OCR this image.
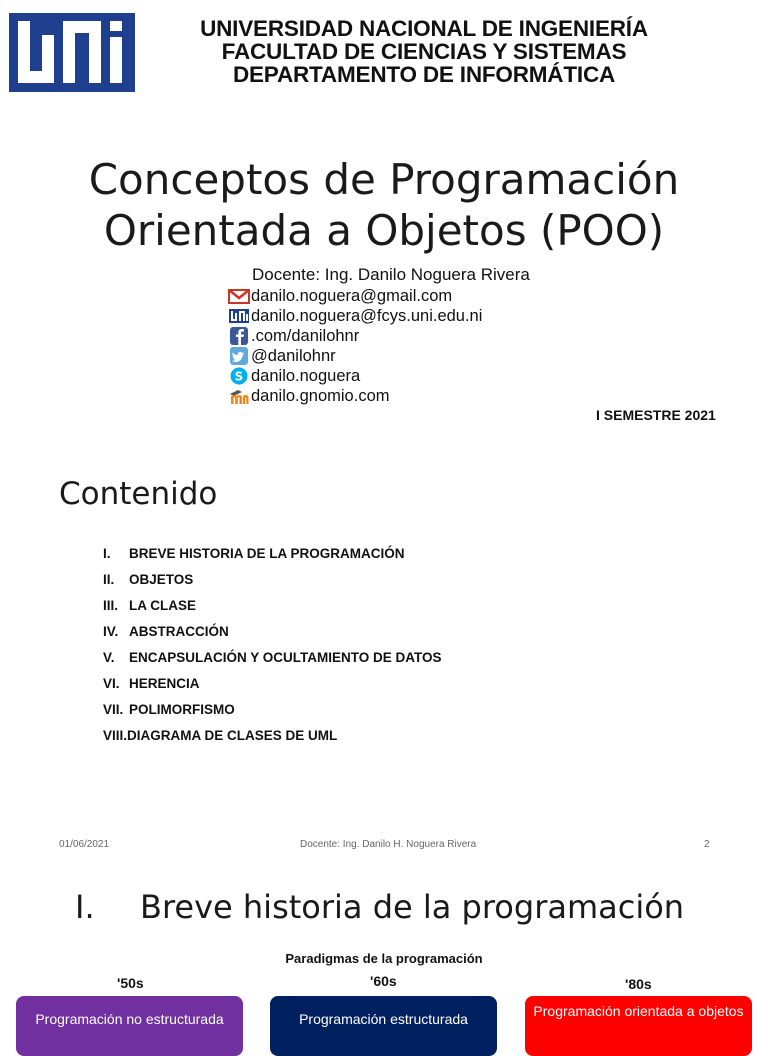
UNIVERSIDAD NACIONAL DE INGENIERÍA
FACULTAD DE CIENCIAS Y SISTEMAS
DEPARTAMENTO DE INFORMÁTICA
Conceptos de Programación
Orientada a Objetos (POO)
Docente: Ing. Danilo Noguera Rivera
danilo.noguera@gmail.com
danilo.noguera@fcys.uni.edu.ni
.com/danilohnr
@danilohnr
S danilo.noguera
danilo.gnomio.com
I SEMESTRE 2021
Contenido
I.	BREVE HISTORIA DE LA PROGRAMACIÓN
II.	OBJETOS
III. LA CLASE
IV. ABSTRACCIÓN
V.	ENCAPSULACIÓN Y OCULTAMIENTO DE DATOS
VI. HERENCIA
VII. POLIMORFISMO
VIII. DIAGRAMA DE CLASES DE UML
01/06/2021	Docente: Ing. Danilo H. Noguera Rivera	2
I. Breve historia de la programación
Paradigmas de la programación
'50s	'60s	'80s
Programación no estructurada	Programación estructurada	Programación orientada a objetos
